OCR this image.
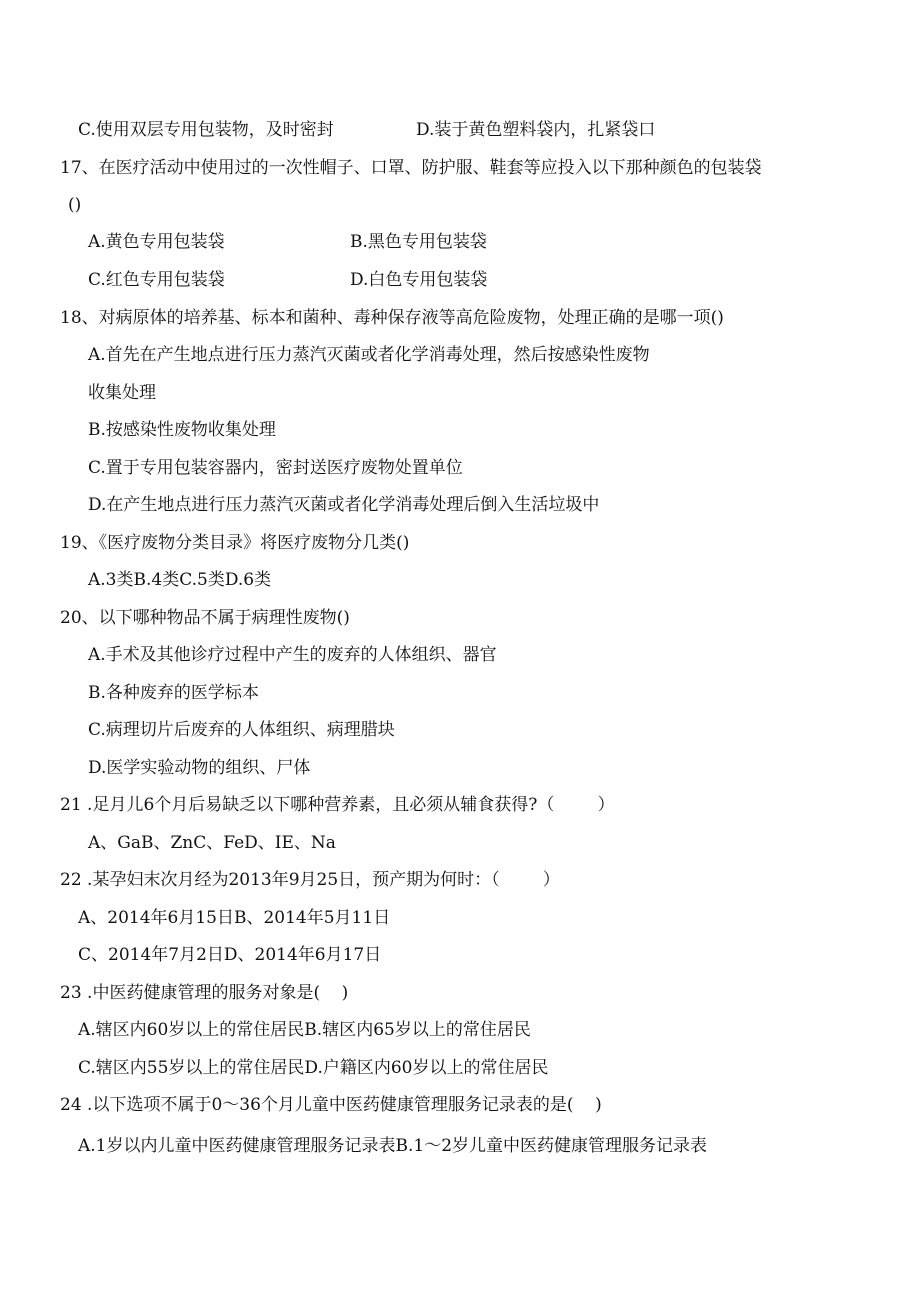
C.使用双层专用包装物，及时密封	D.装于黄色塑料袋内，扎紧袋口
17、在医疗活动中使用过的一次性帽子、口罩、防护服、鞋套等应投入以下那种颜色的包装袋
()
A.黄色专用包装袋	B.黑色专用包装袋
C.红色专用包装袋	D.白色专用包装袋
18、对病原体的培养基、标本和菌种、毒种保存液等高危险废物，处理正确的是哪一项()
A.首先在产生地点进行压力蒸汽灭菌或者化学消毒处理，然后按感染性废物
收集处理
B.按感染性废物收集处理
C.置于专用包装容器内，密封送医疗废物处置单位
D.在产生地点进行压力蒸汽灭菌或者化学消毒处理后倒入生活垃圾中
19、《医疗废物分类目录》将医疗废物分几类()
A.3类B.4类C.5类D.6类
20、以下哪种物品不属于病理性废物()
A.手术及其他诊疗过程中产生的废弃的人体组织、器官
B.各种废弃的医学标本
C.病理切片后废弃的人体组织、病理腊块
D.医学实验动物的组织、尸体
21 .足月儿6个月后易缺乏以下哪种营养素，且必须从辅食获得?（        ）
A、GaB、ZnC、FeD、IE、Na
22 .某孕妇末次月经为2013年9月25日，预产期为何时：（        ）
A、2014年6月15日B、2014年5月11日
C、2014年7月2日D、2014年6月17日
23 .中医药健康管理的服务对象是(    )
A.辖区内60岁以上的常住居民B.辖区内65岁以上的常住居民
C.辖区内55岁以上的常住居民D.户籍区内60岁以上的常住居民
24 .以下选项不属于0～36个月儿童中医药健康管理服务记录表的是(    )
A.1岁以内儿童中医药健康管理服务记录表B.1～2岁儿童中医药健康管理服务记录表
